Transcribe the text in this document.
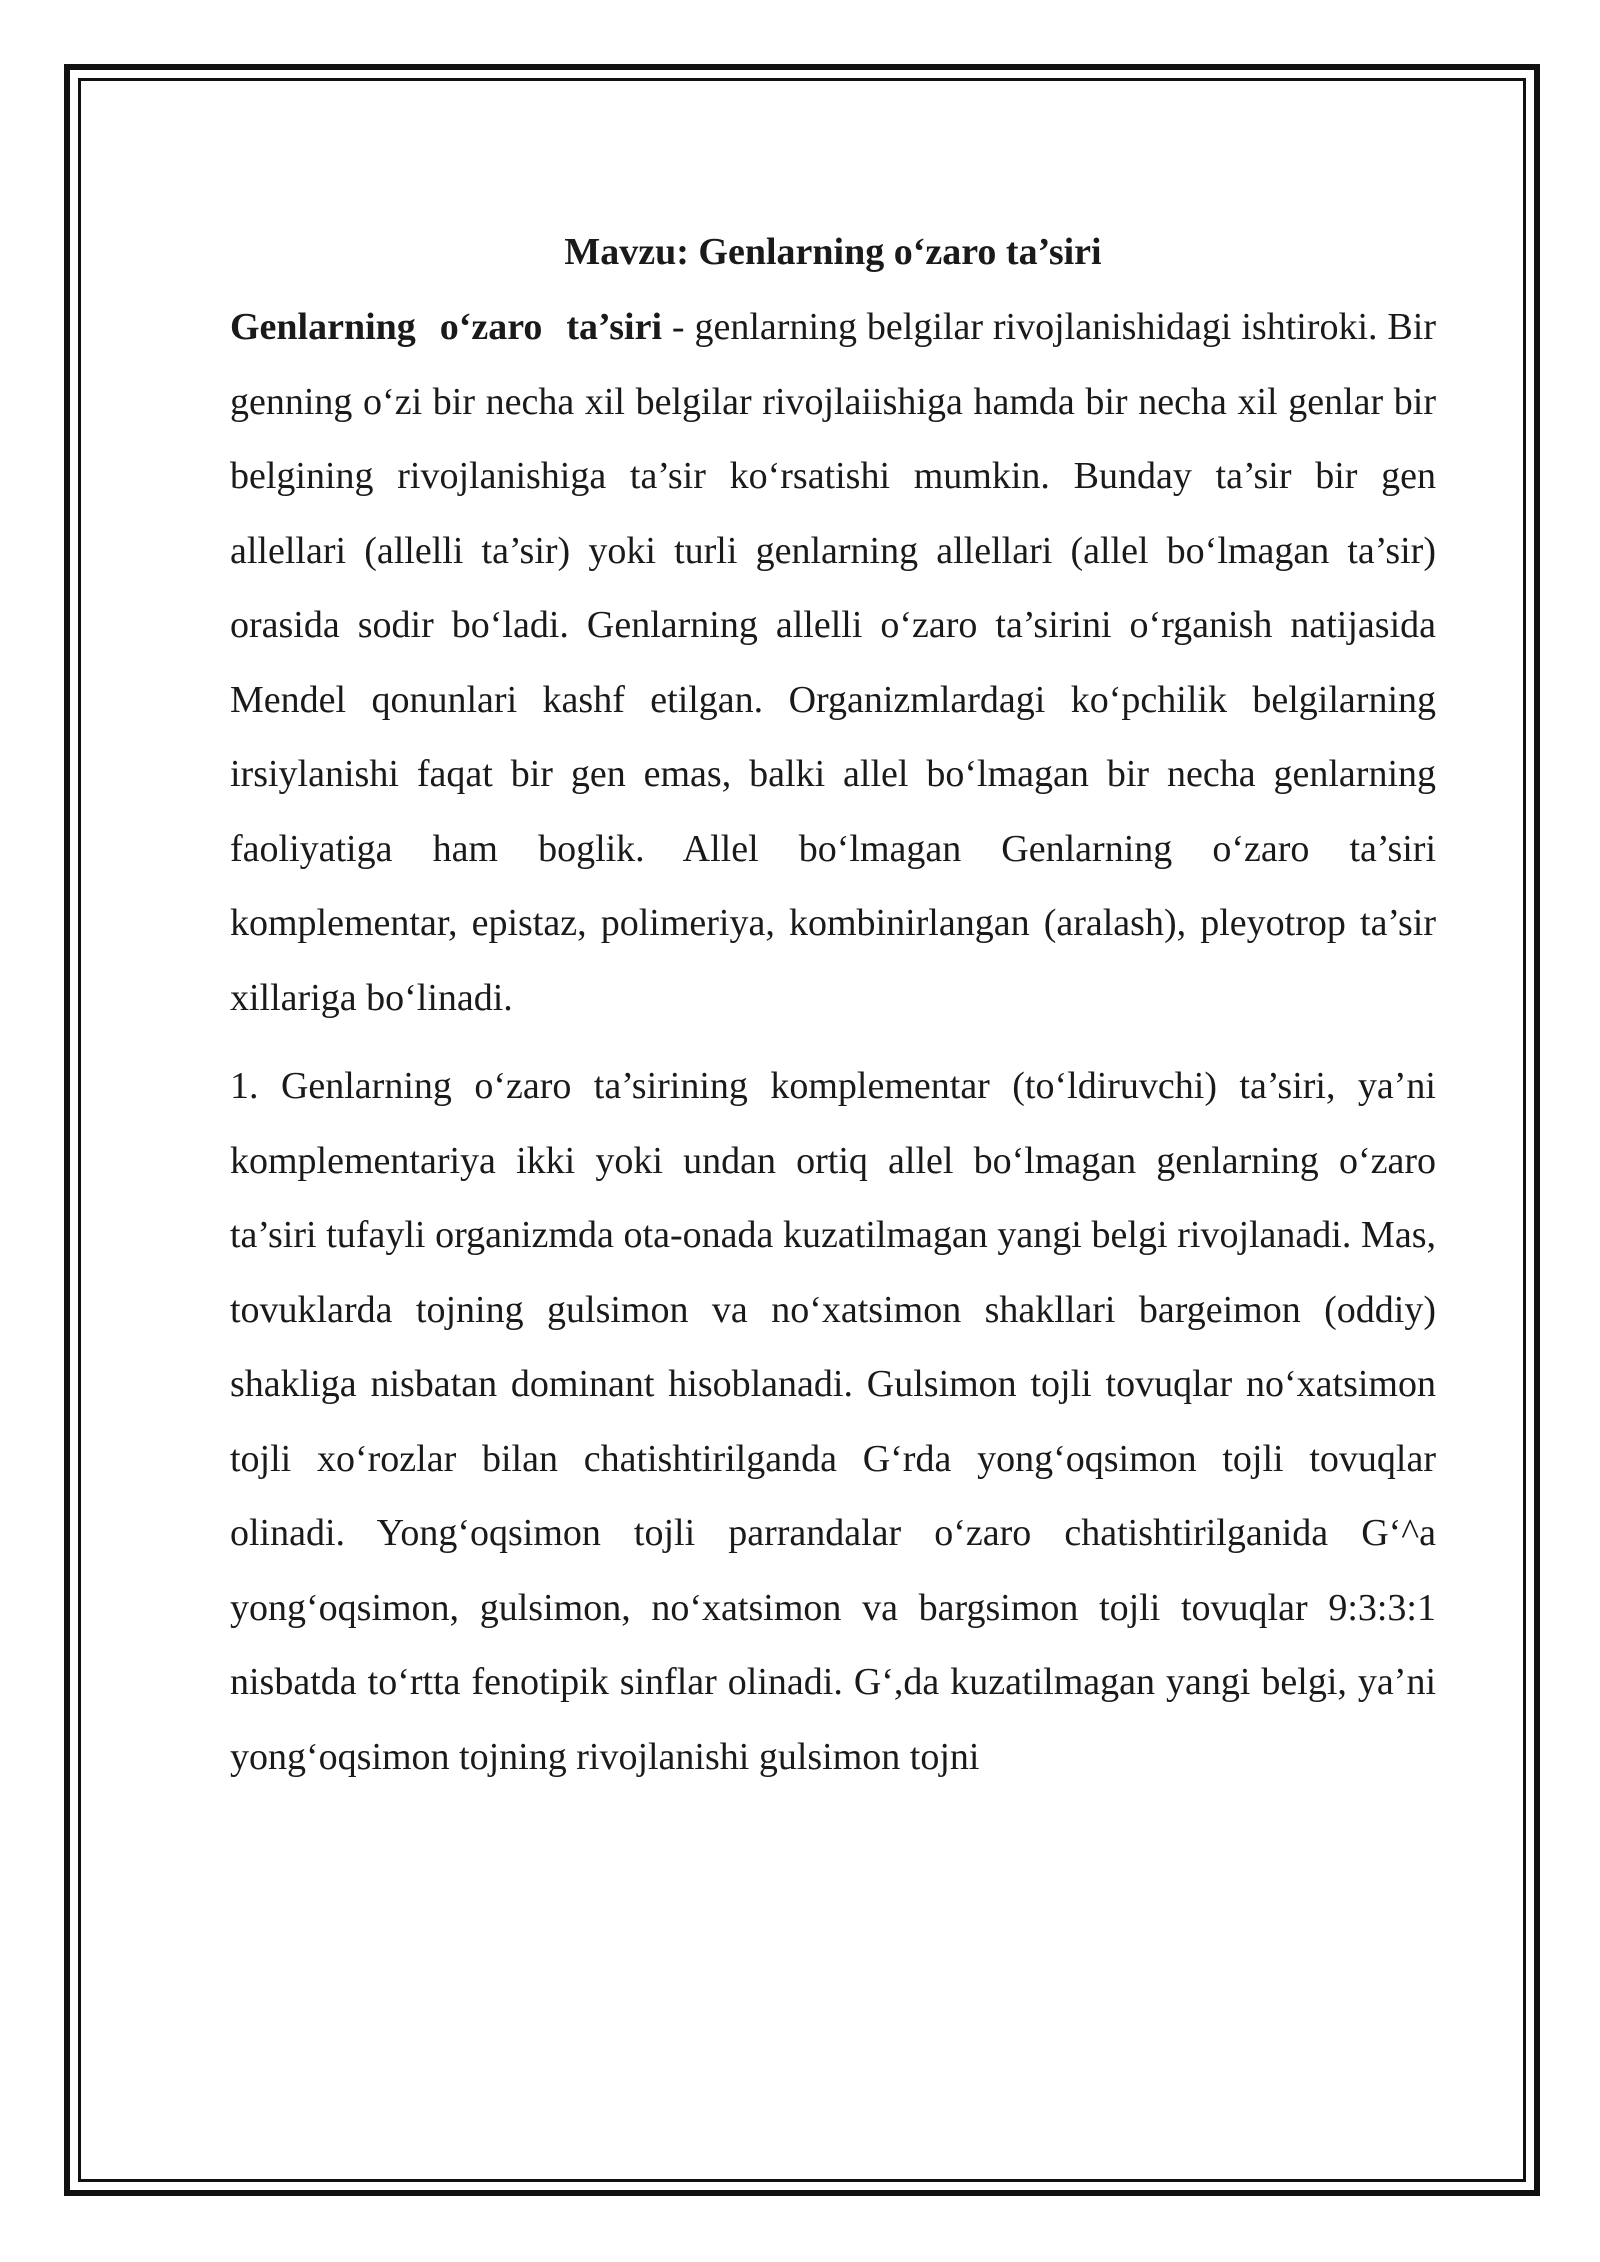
Mavzu: Genlarning o‘zaro ta’siri

Genlarning o‘zaro ta’siri - genlarning belgilar rivojlanishidagi ishtiroki. Bir genning o‘zi bir necha xil belgilar rivojlaiishiga hamda bir necha xil genlar bir belgining rivojlanishiga ta’sir ko‘rsatishi mumkin. Bunday ta’sir bir gen allellari (allelli ta’sir) yoki turli genlarning allellari (allel bo‘lmagan ta’sir) orasida sodir bo‘ladi. Genlarning allelli o‘zaro ta’sirini o‘rganish natijasida Mendel qonunlari kashf etilgan. Organizmlardagi ko‘pchilik belgilarning irsiylanishi faqat bir gen emas, balki allel bo‘lmagan bir necha genlarning faoliyatiga ham boglik. Allel bo‘lmagan Genlarning o‘zaro ta’siri komplementar, epistaz, polimeriya, kombinirlangan (aralash), pleyotrop ta’sir xillariga bo‘linadi.

1. Genlarning o‘zaro ta’sirining komplementar (to‘ldiruvchi) ta’siri, ya’ni komplementariya ikki yoki undan ortiq allel bo‘lmagan genlarning o‘zaro ta’siri tufayli organizmda ota-onada kuzatilmagan yangi belgi rivojlanadi. Mas, tovuklarda tojning gulsimon va no‘xatsimon shakllari bargeimon (oddiy) shakliga nisbatan dominant hisoblanadi. Gulsimon tojli tovuqlar no‘xatsimon tojli xo‘rozlar bilan chatishtirilganda G‘rda yong‘oqsimon tojli tovuqlar olinadi. Yong‘oqsimon tojli parrandalar o‘zaro chatishtirilganida G‘^a yong‘oqsimon, gulsimon, no‘xatsimon va bargsimon tojli tovuqlar 9:3:3:1 nisbatda to‘rtta fenotipik sinflar olinadi. G‘,da kuzatilmagan yangi belgi, ya’ni yong‘oqsimon tojning rivojlanishi gulsimon tojni
